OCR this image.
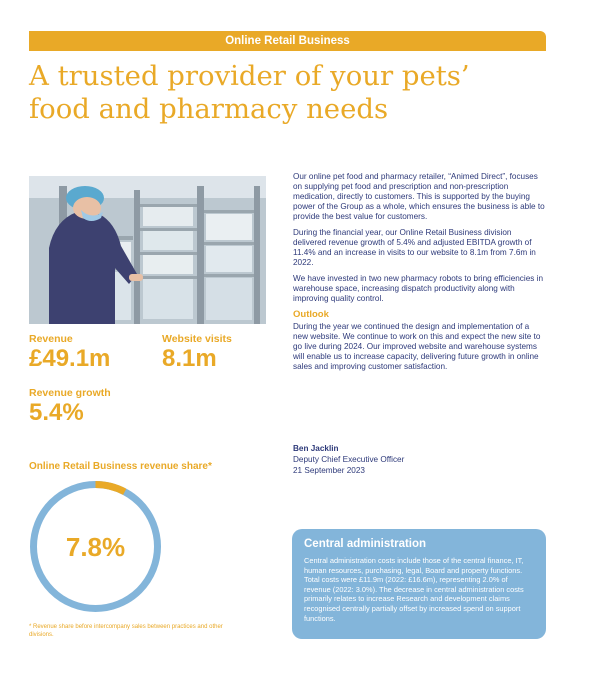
Online Retail Business
A trusted provider of your pets’
food and pharmacy needs
Revenue
£49.1m
Website visits
8.1m
Revenue growth
5.4%
Online Retail Business revenue share*
7.8%
* Revenue share before intercompany sales between practices and other divisions.

Our online pet food and pharmacy retailer, “Animed Direct”, focuses on supplying pet food and prescription and non-prescription medication, directly to customers. This is supported by the buying power of the Group as a whole, which ensures the business is able to provide the best value for customers.

During the financial year, our Online Retail Business division delivered revenue growth of 5.4% and adjusted EBITDA growth of 11.4% and an increase in visits to our website to 8.1m from 7.6m in 2022.

We have invested in two new pharmacy robots to bring efficiencies in warehouse space, increasing dispatch productivity along with improving quality control.

Outlook

During the year we continued the design and implementation of a new website. We continue to work on this and expect the new site to go live during 2024. Our improved website and warehouse systems will enable us to increase capacity, delivering future growth in online sales and improving customer satisfaction.

Ben Jacklin
Deputy Chief Executive Officer
21 September 2023
Central administration

Central administration costs include those of the central finance, IT, human resources, purchasing, legal, Board and property functions. Total costs were £11.9m (2022: £16.6m), representing 2.0% of revenue (2022: 3.0%). The decrease in central administration costs primarily relates to increase Research and development claims recognised centrally partially offset by increased spend on support functions.
